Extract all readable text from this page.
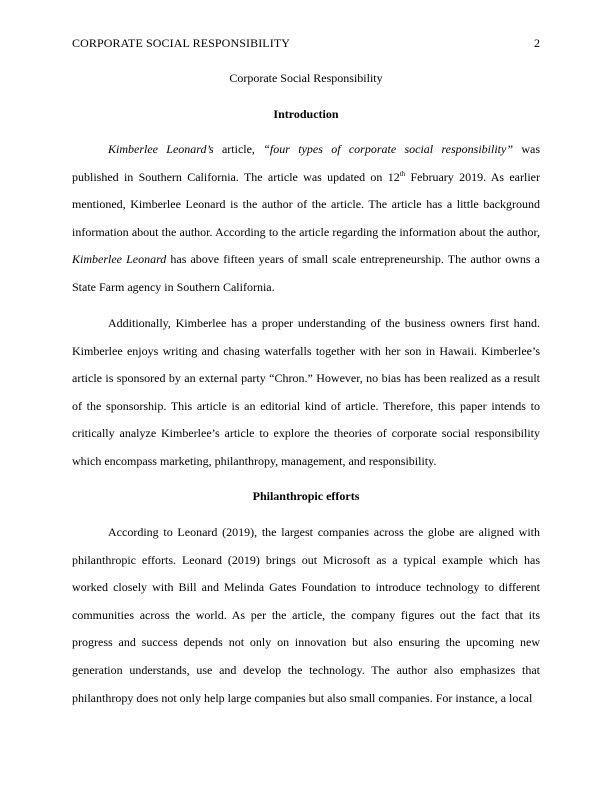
CORPORATE SOCIAL RESPONSIBILITY	2
Corporate Social Responsibility
Introduction

Kimberlee Leonard’s article, “four types of corporate social responsibility” was published in Southern California. The article was updated on 12th February 2019. As earlier mentioned, Kimberlee Leonard is the author of the article. The article has a little background information about the author. According to the article regarding the information about the author, Kimberlee Leonard has above fifteen years of small scale entrepreneurship. The author owns a State Farm agency in Southern California.

Additionally, Kimberlee has a proper understanding of the business owners first hand. Kimberlee enjoys writing and chasing waterfalls together with her son in Hawaii. Kimberlee’s article is sponsored by an external party “Chron.” However, no bias has been realized as a result of the sponsorship. This article is an editorial kind of article. Therefore, this paper intends to critically analyze Kimberlee’s article to explore the theories of corporate social responsibility which encompass marketing, philanthropy, management, and responsibility.

Philanthropic efforts

According to Leonard (2019), the largest companies across the globe are aligned with philanthropic efforts. Leonard (2019) brings out Microsoft as a typical example which has worked closely with Bill and Melinda Gates Foundation to introduce technology to different communities across the world. As per the article, the company figures out the fact that its progress and success depends not only on innovation but also ensuring the upcoming new generation understands, use and develop the technology. The author also emphasizes that philanthropy does not only help large companies but also small companies. For instance, a local
